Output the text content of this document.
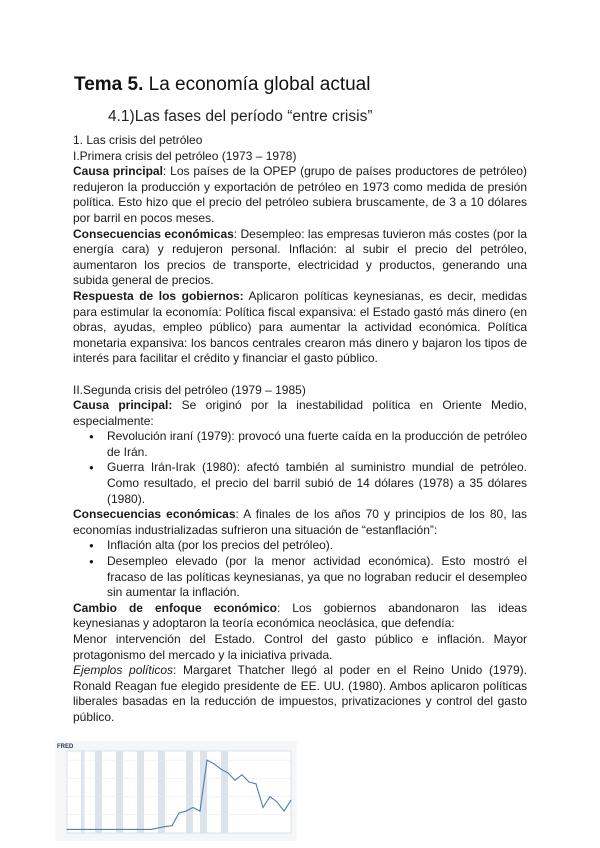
Tema 5. La economía global actual
4.1)Las fases del período “entre crisis”

1. Las crisis del petróleo

I.Primera crisis del petróleo (1973 – 1978)

Causa principal: Los países de la OPEP (grupo de países productores de petróleo) redujeron la producción y exportación de petróleo en 1973 como medida de presión política. Esto hizo que el precio del petróleo subiera bruscamente, de 3 a 10 dólares por barril en pocos meses.

Consecuencias económicas: Desempleo: las empresas tuvieron más costes (por la energía cara) y redujeron personal. Inflación: al subir el precio del petróleo, aumentaron los precios de transporte, electricidad y productos, generando una subida general de precios.

Respuesta de los gobiernos: Aplicaron políticas keynesianas, es decir, medidas para estimular la economía: Política fiscal expansiva: el Estado gastó más dinero (en obras, ayudas, empleo público) para aumentar la actividad económica. Política monetaria expansiva: los bancos centrales crearon más dinero y bajaron los tipos de interés para facilitar el crédito y financiar el gasto público.

II.Segunda crisis del petróleo (1979 – 1985)

Causa principal: Se originó por la inestabilidad política en Oriente Medio, especialmente:

● Revolución iraní (1979): provocó una fuerte caída en la producción de petróleo de Irán.
● Guerra Irán-Irak (1980): afectó también al suministro mundial de petróleo. Como resultado, el precio del barril subió de 14 dólares (1978) a 35 dólares (1980).

Consecuencias económicas: A finales de los años 70 y principios de los 80, las economías industrializadas sufrieron una situación de “estanflación”:

● Inflación alta (por los precios del petróleo).
● Desempleo elevado (por la menor actividad económica). Esto mostró el fracaso de las políticas keynesianas, ya que no lograban reducir el desempleo sin aumentar la inflación.

Cambio de enfoque económico: Los gobiernos abandonaron las ideas keynesianas y adoptaron la teoría económica neoclásica, que defendía:

Menor intervención del Estado. Control del gasto público e inflación. Mayor protagonismo del mercado y la iniciativa privada.

Ejemplos políticos: Margaret Thatcher llegó al poder en el Reino Unido (1979). Ronald Reagan fue elegido presidente de EE. UU. (1980). Ambos aplicaron políticas liberales basadas en la reducción de impuestos, privatizaciones y control del gasto público.

FRED
